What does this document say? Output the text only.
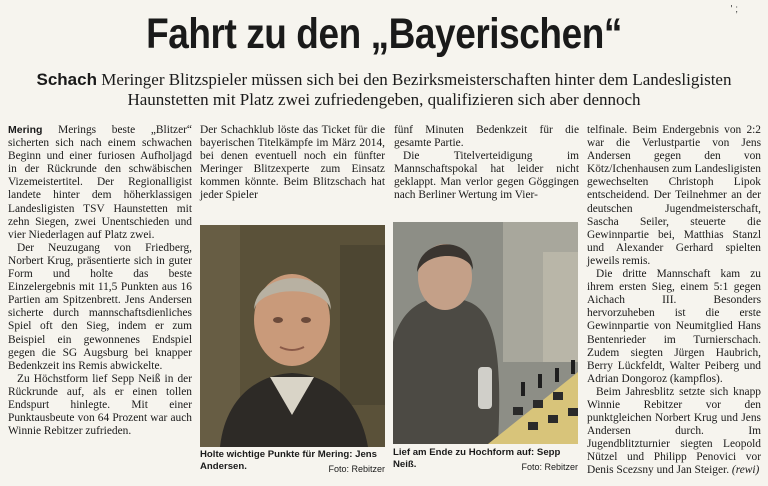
' ;
Fahrt zu den „Bayerischen“
Schach Meringer Blitzspieler müssen sich bei den Bezirksmeisterschaften hinter dem Landesligisten Haunstetten mit Platz zwei zufriedengeben, qualifizieren sich aber dennoch

Mering Merings beste „Blitzer“ sicherten sich nach einem schwachen Beginn und einer furiosen Aufholjagd in der Rückrunde den schwäbischen Vizemeistertitel. Der Regionalligist landete hinter dem höherklassigen Landesligisten TSV Haunstetten mit zehn Siegen, zwei Unentschieden und vier Niederlagen auf Platz zwei.

Der Neuzugang von Friedberg, Norbert Krug, präsentierte sich in guter Form und holte das beste Einzelergebnis mit 11,5 Punkten aus 16 Partien am Spitzenbrett. Jens Andersen sicherte durch mannschaftsdienliches Spiel oft den Sieg, indem er zum Beispiel ein gewonnenes Endspiel gegen die SG Augsburg bei knapper Bedenkzeit ins Remis abwickelte.

Zu Höchstform lief Sepp Neiß in der Rückrunde auf, als er einen tollen Endspurt hinlegte. Mit einer Punktausbeute von 64 Prozent war auch Winnie Rebitzer zufrieden.

Der Schachklub löste das Ticket für die bayerischen Titelkämpfe im März 2014, bei denen eventuell noch ein fünfter Meringer Blitzexperte zum Einsatz kommen könnte. Beim Blitzschach hat jeder Spieler

Holte wichtige Punkte für Mering: Jens Andersen.	Foto: Rebitzer

fünf Minuten Bedenkzeit für die gesamte Partie.

Die Titelverteidigung im Mannschaftspokal hat leider nicht geklappt. Man verlor gegen Göggingen nach Berliner Wertung im Vier-

Lief am Ende zu Hochform auf: Sepp Neiß.	Foto: Rebitzer

telfinale. Beim Endergebnis von 2:2 war die Verlustpartie von Jens Andersen gegen den von Kötz/Ichenhausen zum Landesligisten gewechselten Christoph Lipok entscheidend. Der Teilnehmer an der deutschen Jugendmeisterschaft, Sascha Seiler, steuerte die Gewinnpartie bei, Matthias Stanzl und Alexander Gerhard spielten jeweils remis.

Die dritte Mannschaft kam zu ihrem ersten Sieg, einem 5:1 gegen Aichach III. Besonders hervorzuheben ist die erste Gewinnpartie von Neumitglied Hans Bentenrieder im Turnierschach. Zudem siegten Jürgen Haubrich, Berry Lückfeldt, Walter Peiberg und Adrian Dongoroz (kampflos).

Beim Jahresblitz setzte sich knapp Winnie Rebitzer vor den punktgleichen Norbert Krug und Jens Andersen durch. Im Jugendblitzturnier siegten Leopold Nützel und Philipp Penovici vor Denis Scezsny und Jan Steiger. (rewi)
